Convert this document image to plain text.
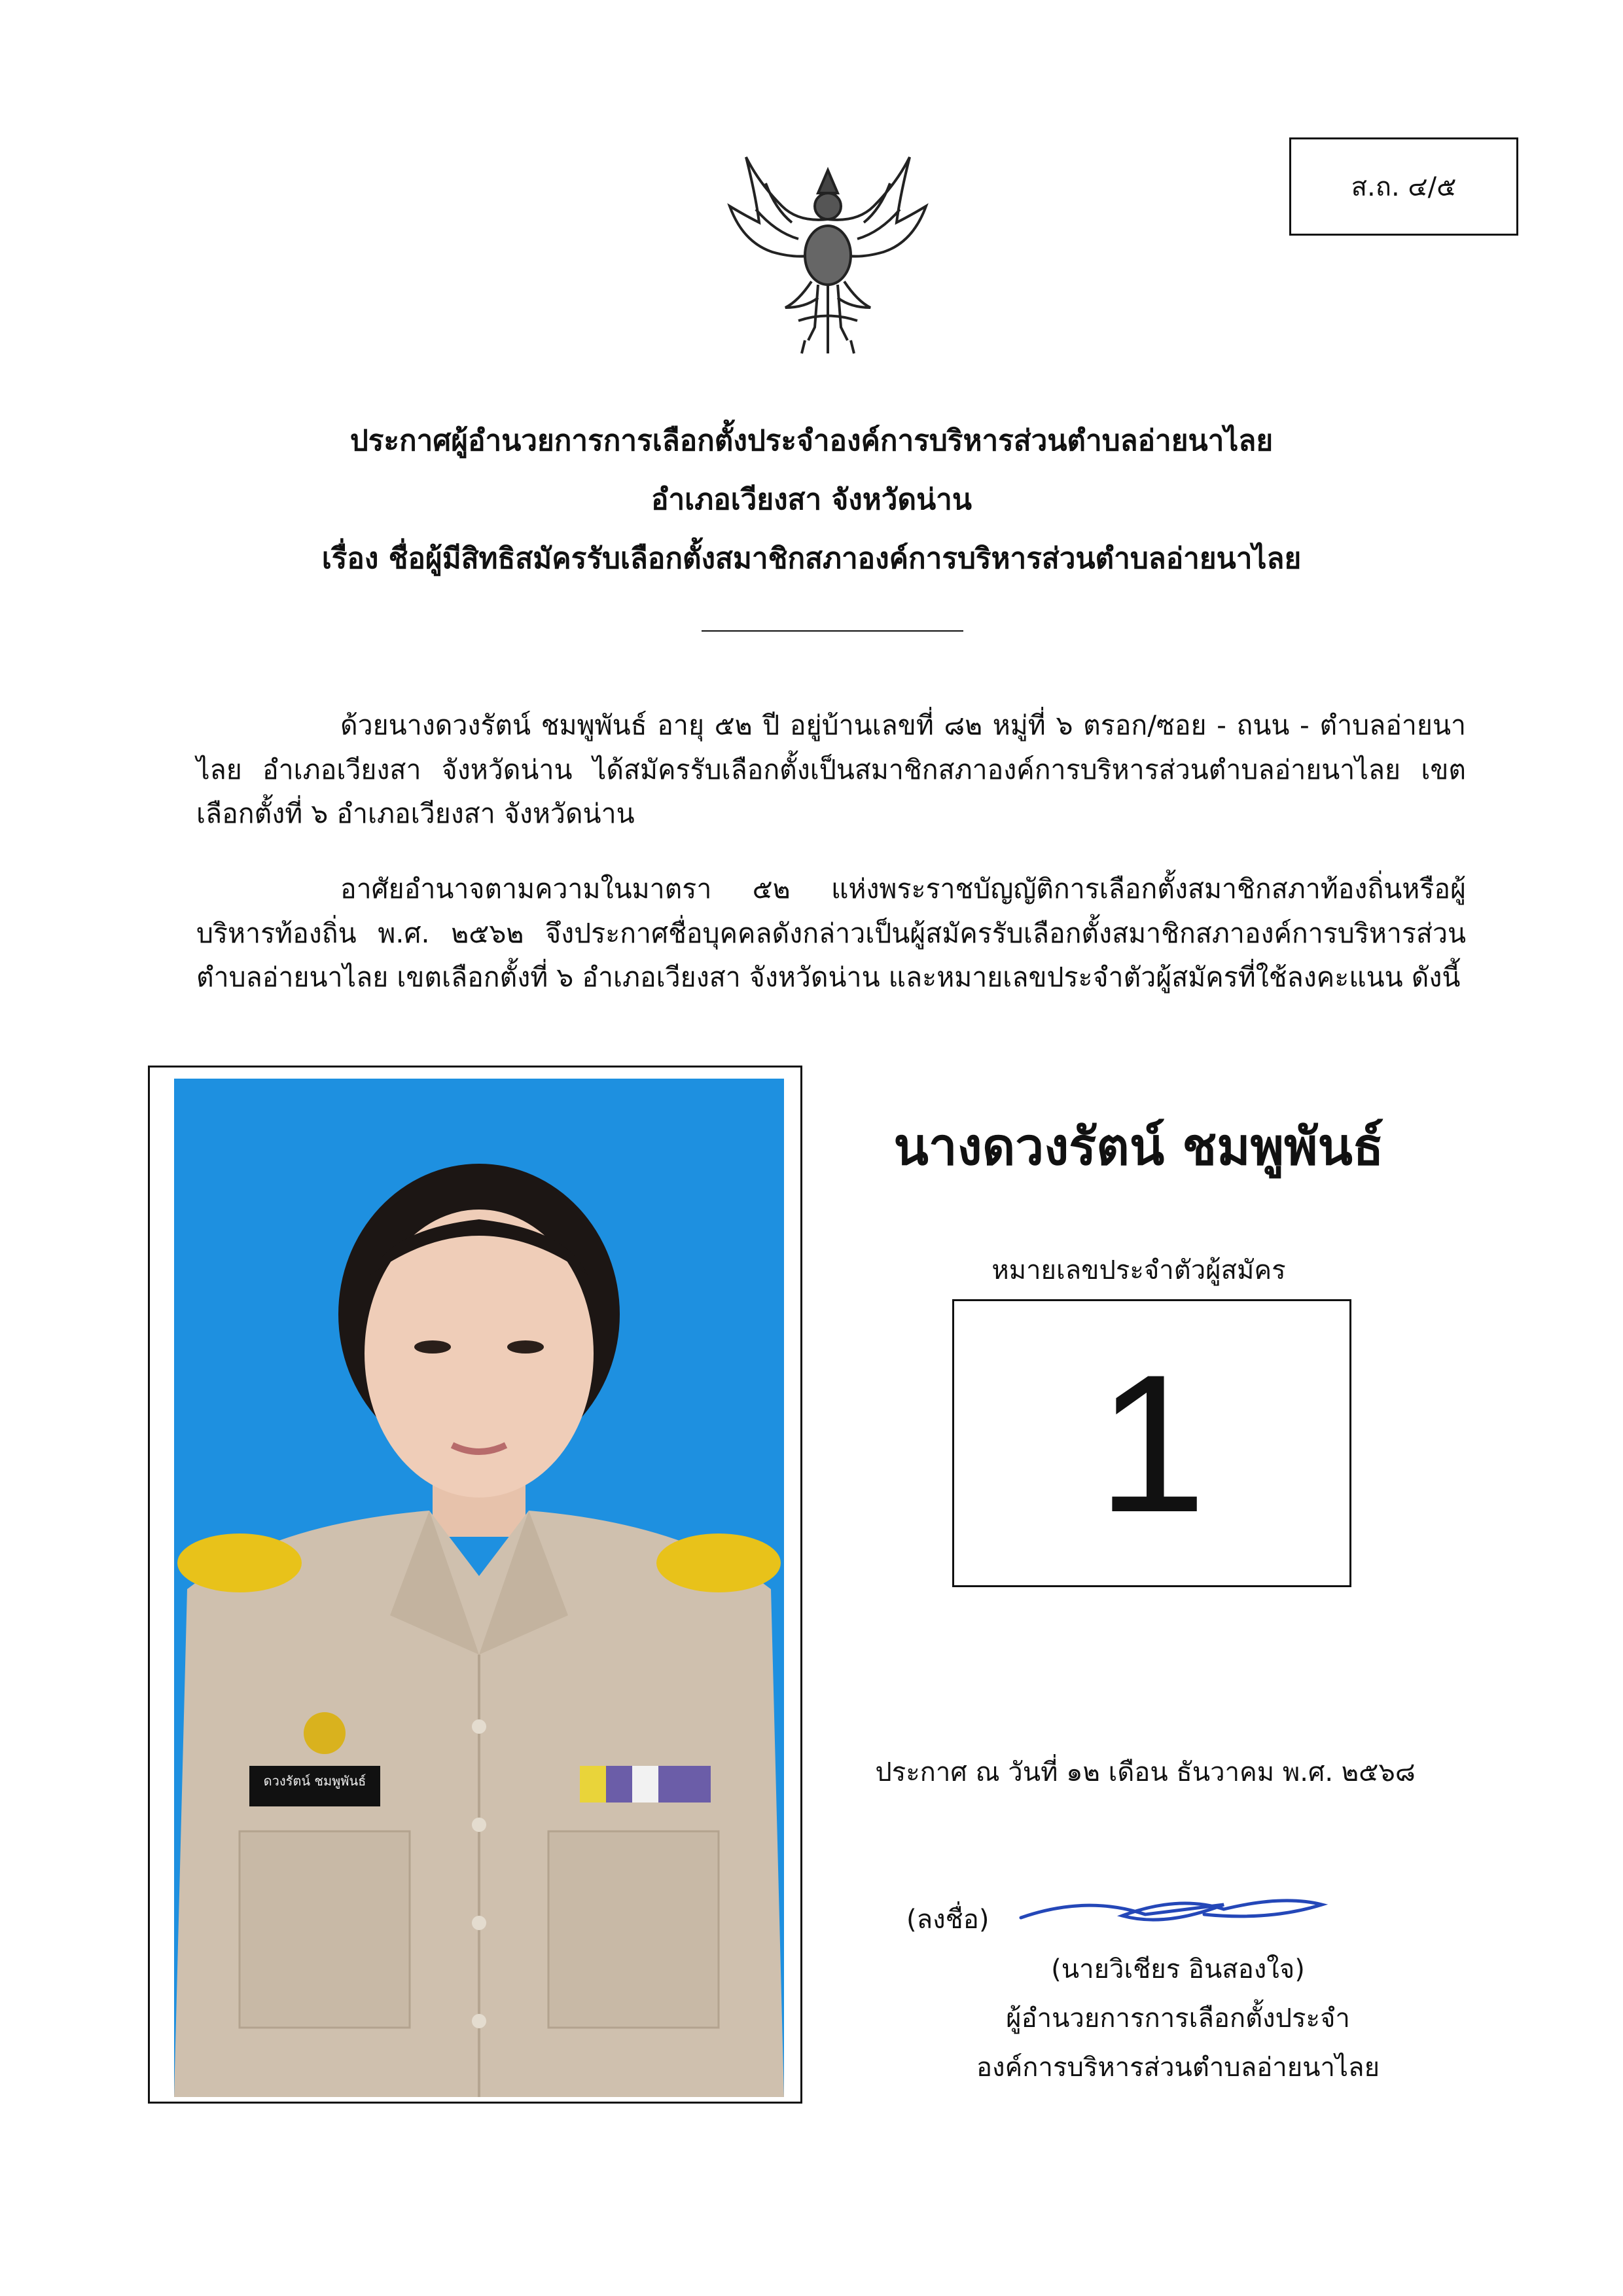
ส.ถ. ๔/๕
ประกาศผู้อำนวยการการเลือกตั้งประจำองค์การบริหารส่วนตำบลอ่ายนาไลย
อำเภอเวียงสา จังหวัดน่าน
เรื่อง ชื่อผู้มีสิทธิสมัครรับเลือกตั้งสมาชิกสภาองค์การบริหารส่วนตำบลอ่ายนาไลย

ด้วยนางดวงรัตน์ ชมพูพันธ์ อายุ ๕๒ ปี อยู่บ้านเลขที่ ๘๒ หมู่ที่ ๖ ตรอก/ซอย - ถนน - ตำบลอ่ายนาไลย อำเภอเวียงสา จังหวัดน่าน ได้สมัครรับเลือกตั้งเป็นสมาชิกสภาองค์การบริหารส่วนตำบลอ่ายนาไลย เขตเลือกตั้งที่ ๖ อำเภอเวียงสา จังหวัดน่าน

อาศัยอำนาจตามความในมาตรา ๕๒ แห่งพระราชบัญญัติการเลือกตั้งสมาชิกสภาท้องถิ่นหรือผู้บริหารท้องถิ่น พ.ศ. ๒๕๖๒ จึงประกาศชื่อบุคคลดังกล่าวเป็นผู้สมัครรับเลือกตั้งสมาชิกสภาองค์การบริหารส่วนตำบลอ่ายนาไลย เขตเลือกตั้งที่ ๖ อำเภอเวียงสา จังหวัดน่าน และหมายเลขประจำตัวผู้สมัครที่ใช้ลงคะแนน ดังนี้

ดวงรัตน์ ชมพูพันธ์
นางดวงรัตน์ ชมพูพันธ์
หมายเลขประจำตัวผู้สมัคร
1
ประกาศ ณ วันที่ ๑๒ เดือน ธันวาคม พ.ศ. ๒๕๖๘
(ลงชื่อ)
(นายวิเชียร อินสองใจ)
ผู้อำนวยการการเลือกตั้งประจำ
องค์การบริหารส่วนตำบลอ่ายนาไลย
